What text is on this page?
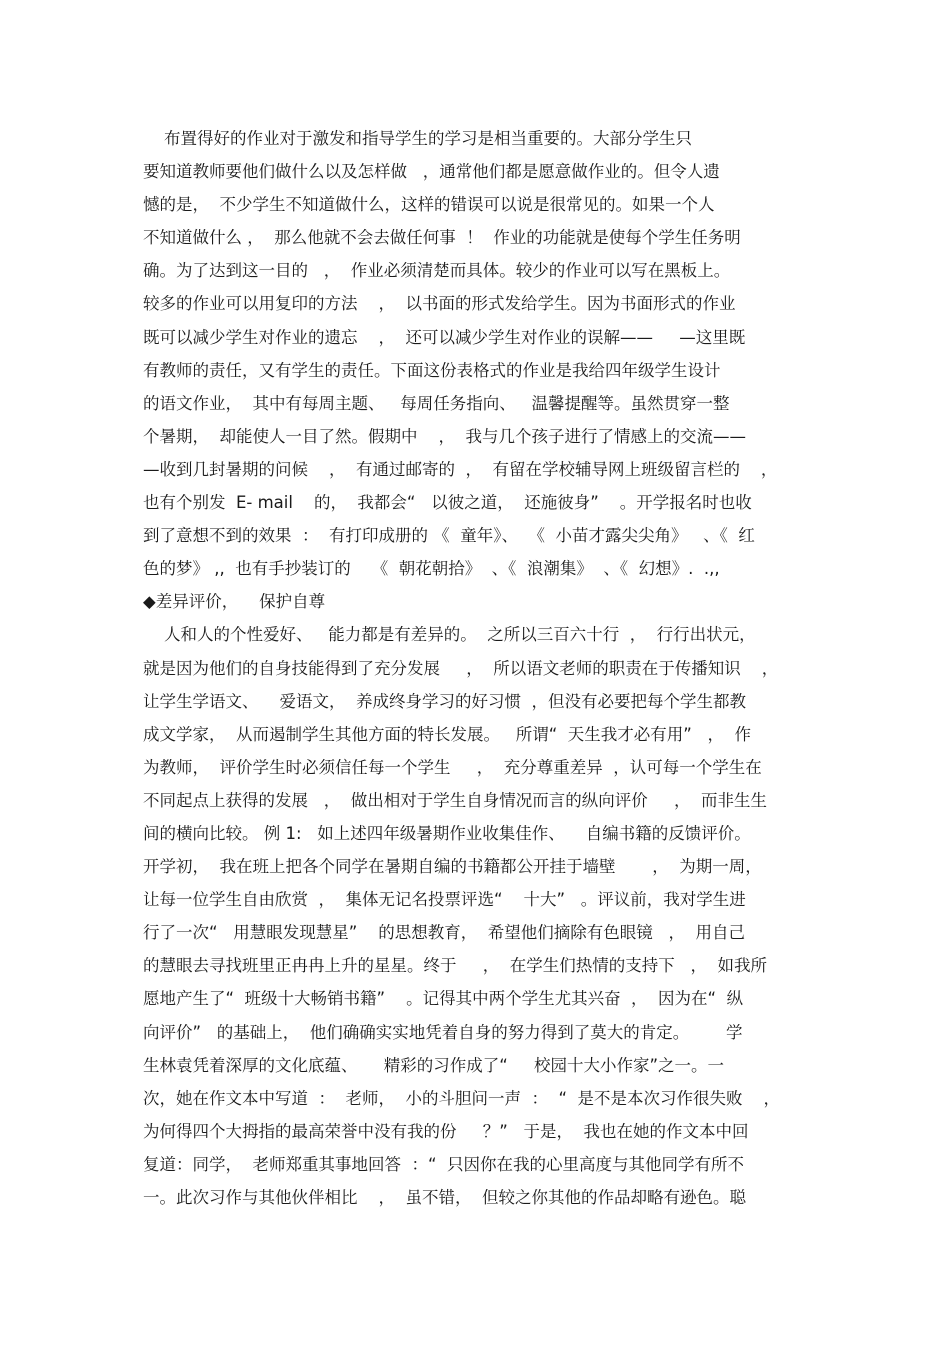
布置得好的作业对于激发和指导学生的学习是相当重要的。大部分学生只
要知道教师要他们做什么以及怎样做   ，通常他们都是愿意做作业的。但令人遗
憾的是，  不少学生不知道做什么，这样的错误可以说是很常见的。如果一个人
不知道做什么 ，  那么他就不会去做任何事  ！  作业的功能就是使每个学生任务明
确。为了达到这一目的   ，  作业必须清楚而具体。较少的作业可以写在黑板上。
较多的作业可以用复印的方法    ，  以书面的形式发给学生。因为书面形式的作业
既可以减少学生对作业的遗忘    ，  还可以减少学生对作业的误解——     —这里既
有教师的责任，又有学生的责任。下面这份表格式的作业是我给四年级学生设计
的语文作业，  其中有每周主题、   每周任务指向、   温馨提醒等。虽然贯穿一整
个暑期，  却能使人一目了然。假期中    ，  我与几个孩子进行了情感上的交流——
—收到几封暑期的问候    ，  有通过邮寄的  ，  有留在学校辅导网上班级留言栏的    ，
也有个别发  E- mail    的，  我都会“   以彼之道，  还施彼身”    。开学报名时也收
到了意想不到的效果  ：  有打印成册的 《  童年》、  《  小苗才露尖尖角》   、《  红
色的梦》 ,,  也有手抄装订的    《  朝花朝拾》  、《  浪潮集》  、《  幻想》.  .,,
◆差异评价，    保护自尊
人和人的个性爱好、   能力都是有差异的。  之所以三百六十行  ，  行行出状元，
就是因为他们的自身技能得到了充分发展     ，  所以语文老师的职责在于传播知识    ，
让学生学语文、    爱语文，  养成终身学习的好习惯  ，但没有必要把每个学生都教
成文学家，  从而遏制学生其他方面的特长发展。   所谓“  天生我才必有用”   ，  作
为教师，  评价学生时必须信任每一个学生     ，  充分尊重差异  ，认可每一个学生在
不同起点上获得的发展   ，  做出相对于学生自身情况而言的纵向评价     ，  而非生生
间的横向比较。 例 1:   如上述四年级暑期作业收集佳作、    自编书籍的反馈评价。
开学初，  我在班上把各个同学在暑期自编的书籍都公开挂于墙壁       ，  为期一周，
让每一位学生自由欣赏  ，  集体无记名投票评选“    十大”   。评议前，我对学生进
行了一次“   用慧眼发现慧星”    的思想教育，  希望他们摘除有色眼镜   ，  用自己
的慧眼去寻找班里正冉冉上升的星星。终于     ，  在学生们热情的支持下   ，  如我所
愿地产生了“  班级十大畅销书籍”    。记得其中两个学生尤其兴奋  ，  因为在“  纵
向评价”   的基础上，  他们确确实实地凭着自身的努力得到了莫大的肯定。       学
生林袁凭着深厚的文化底蕴、     精彩的习作成了“     校园十大小作家”之一。一
次，她在作文本中写道  ：  老师，  小的斗胆问一声  ：  “  是不是本次习作很失败    ，
为何得四个大拇指的最高荣誉中没有我的份     ？”   于是，  我也在她的作文本中回
复道：同学，  老师郑重其事地回答  ：“  只因你在我的心里高度与其他同学有所不
一。此次习作与其他伙伴相比    ，  虽不错，  但较之你其他的作品却略有逊色。聪
